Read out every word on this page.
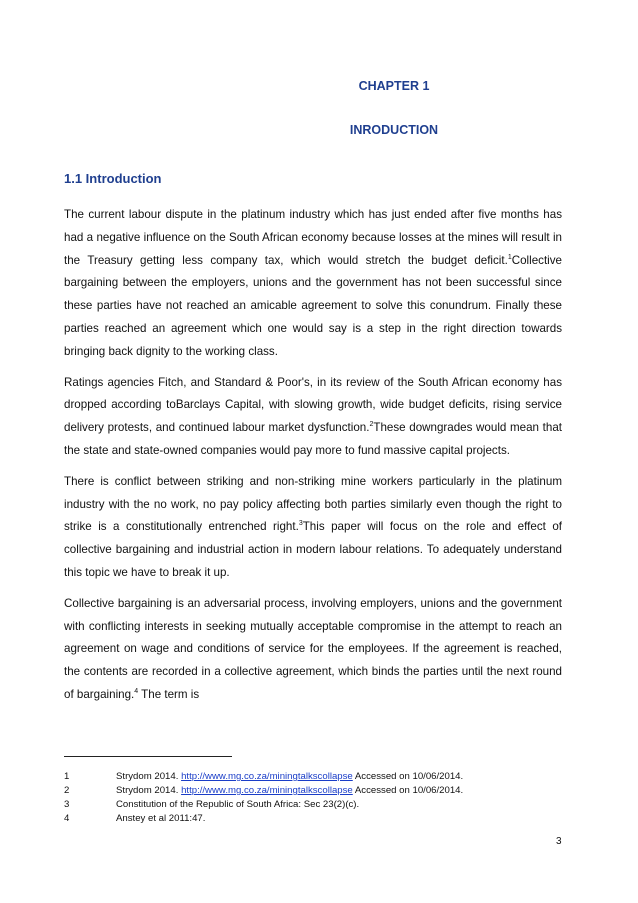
CHAPTER 1
INRODUCTION
1.1 Introduction

The current labour dispute in the platinum industry which has just ended after five months has had a negative influence on the South African economy because losses at the mines will result in the Treasury getting less company tax, which would stretch the budget deficit.$^1$Collective bargaining between the employers, unions and the government has not been successful since these parties have not reached an amicable agreement to solve this conundrum. Finally these parties reached an agreement which one would say is a step in the right direction towards bringing back dignity to the working class.

Ratings agencies Fitch, and Standard & Poor's, in its review of the South African economy has dropped according toBarclays Capital, with slowing growth, wide budget deficits, rising service delivery protests, and continued labour market dysfunction.$^2$These downgrades would mean that the state and state-owned companies would pay more to fund massive capital projects.

There is conflict between striking and non-striking mine workers particularly in the platinum industry with the no work, no pay policy affecting both parties similarly even though the right to strike is a constitutionally entrenched right.$^3$This paper will focus on the role and effect of collective bargaining and industrial action in modern labour relations. To adequately understand this topic we have to break it up.

Collective bargaining is an adversarial process, involving employers, unions and the government with conflicting interests in seeking mutually acceptable compromise in the attempt to reach an agreement on wage and conditions of service for the employees. If the agreement is reached, the contents are recorded in a collective agreement, which binds the parties until the next round of bargaining.$^4$ The term is

1	Strydom 2014. http://www.mg.co.za/miningtalkscollapse Accessed on 10/06/2014.
2	Strydom 2014. http://www.mg.co.za/miningtalkscollapse Accessed on 10/06/2014.
3	Constitution of the Republic of South Africa: Sec 23(2)(c).
4	Anstey et al 2011:47.
3
